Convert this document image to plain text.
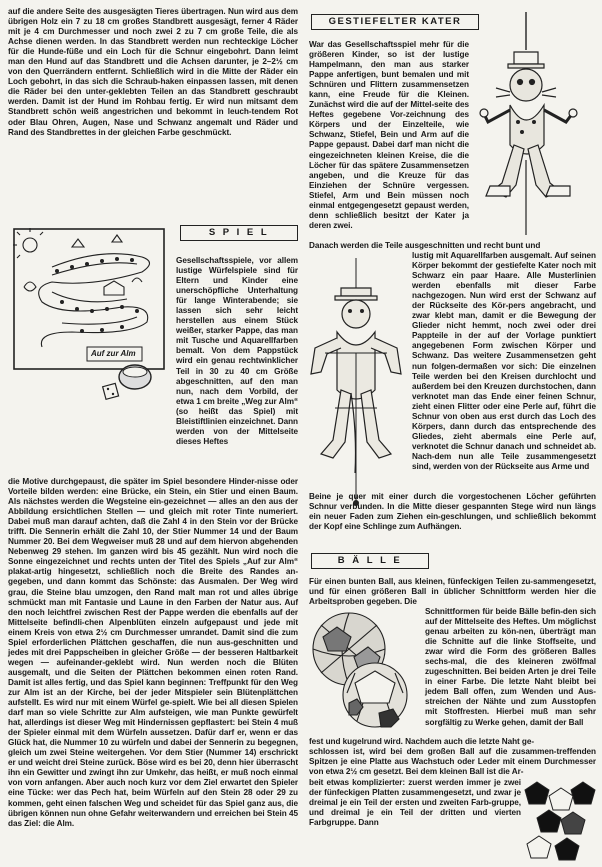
auf die andere Seite des ausgesägten Tieres übertragen. Nun wird aus dem übrigen Holz ein 7 zu 18 cm großes Standbrett ausgesägt, ferner 4 Räder mit je 4 cm Durchmesser und noch zwei 2 zu 7 cm große Teile, die als Achse dienen werden. In das Standbrett werden nun rechteckige Löcher für die Hunde-füße und ein Loch für die Schnur eingebohrt. Dann leimt man den Hund auf das Standbrett und die Achsen darunter, je 2–2½ cm von den Querrändern entfernt. Schließlich wird in die Mitte der Räder ein Loch gebohrt, in das sich die Schraub-haken einpassen lassen, mit denen die Räder bei den unter-geklebten Teilen an das Standbrett geschraubt werden. Damit ist der Hund im Rohbau fertig. Er wird nun mitsamt dem Standbrett schön weiß angestrichen und bekommt in leuch-tendem Rot oder Blau Ohren, Augen, Nase und Schwanz angemalt und Räder und Rand des Standbrettes in der gleichen Farbe geschmückt.

Auf zur Alm
S P I E L

Gesellschaftsspiele, vor allem lustige Würfelspiele sind für Eltern und Kinder eine unerschöpfliche Unterhaltung für lange Winterabende; sie lassen sich sehr leicht herstellen aus einem Stück weißer, starker Pappe, das man mit Tusche und Aquarellfarben bemalt. Von dem Pappstück wird ein genau rechtwinklicher Teil in 30 zu 40 cm Größe abgeschnitten, auf den man nun, nach dem Vorbild, der etwa 1 cm breite „Weg zur Alm“ (so heißt das Spiel) mit Bleistiftlinien einzeichnet. Dann werden von der Mittelseite dieses Heftes

die Motive durchgepaust, die später im Spiel besondere Hinder-nisse oder Vorteile bilden werden: eine Brücke, ein Stein, ein Stier und einen Baum. Als nächstes werden die Wegsteine ein-gezeichnet — alles an den aus der Abbildung ersichtlichen Stellen — und gleich mit roter Tinte numeriert. Dabei muß man darauf achten, daß die Zahl 4 in den Stein vor der Brücke trifft. Die Sennerin erhält die Zahl 10, der Stier Nummer 14 und der Baum Nummer 20. Bei dem Wegweiser muß 28 und auf dem hiervon abgehenden Nebenweg 29 stehen. Im ganzen wird bis 45 gezählt. Nun wird noch die Sonne eingezeichnet und rechts unten der Titel des Spiels „Auf zur Alm“ plakat-artig hingesetzt, schließlich noch die Breite des Randes an-gegeben, und dann kommt das Schönste: das Ausmalen. Der Weg wird grau, die Steine blau umzogen, den Rand malt man rot und alles übrige schmückt man mit Fantasie und Laune in den Farben der Natur aus. Auf den noch leichtfrei zwischen Rest der Pappe werden die ebenfalls auf der Mittelseite befindli-chen Alpenblüten einzeln aufgepaust und jede mit einem Kreis von etwa 2½ cm Durchmesser umrandet. Damit sind die zum Spiel erforderlichen Plättchen geschaffen, die nun aus-geschnitten und jedes mit drei Pappscheiben in gleicher Größe — der besseren Haltbarkeit wegen — aufeinander-geklebt wird. Nun werden noch die Blüten ausgemalt, und die Seiten der Plättchen bekommen einen roten Rand. Damit ist alles fertig, und das Spiel kann beginnen: Treffpunkt für den Weg zur Alm ist an der Kirche, bei der jeder Mitspieler sein Blütenplättchen aufstellt. Es wird nur mit einem Würfel ge-spielt. Wie bei all diesen Spielen darf man so viele Schritte zur Alm aufsteigen, wie man Punkte gewürfelt hat, allerdings ist dieser Weg mit Hindernissen gepflastert: bei Stein 4 muß der Spieler einmal mit dem Würfeln aussetzen. Dafür darf er, wenn er das Glück hat, die Nummer 10 zu würfeln und dabei der Sennerin zu begegnen, gleich um zwei Steine weitergehen. Vor dem Stier (Nummer 14) erschrickt er und weicht drei Steine zurück. Böse wird es bei 20, denn hier überrascht ihn ein Gewitter und zwingt ihn zur Umkehr, das heißt, er muß noch einmal von vorn anfangen. Aber auch noch kurz vor dem Ziel erwartet den Spieler eine Tücke: wer das Pech hat, beim Würfeln auf den Stein 28 oder 29 zu kommen, geht einen falschen Weg und scheidet für das Spiel ganz aus, die übrigen können nun ohne Gefahr weiterwandern und erreichen bei Stein 45 das Ziel: die Alm.

GESTIEFELTER KATER

War das Gesellschaftsspiel mehr für die größeren Kinder, so ist der lustige Hampelmann, den man aus starker Pappe anfertigen, bunt bemalen und mit Schnüren und Flittern zusammensetzen kann, eine Freude für die Kleinen. Zunächst wird die auf der Mittel-seite des Heftes gegebene Vor-zeichnung des Körpers und der Einzelteile, wie Schwanz, Stiefel, Bein und Arm auf die Pappe gepaust. Dabei darf man nicht die eingezeichneten kleinen Kreise, die die Löcher für das spätere Zusammensetzen angeben, und die Kreuze für das Einziehen der Schnüre vergessen. Stiefel, Arm und Bein müssen noch einmal entgegengesetzt gepaust werden, denn schließlich besitzt der Kater ja deren zwei.

Danach werden die Teile ausgeschnitten und recht bunt und

lustig mit Aquarellfarben ausgemalt. Auf seinen Körper bekommt der gestiefelte Kater noch mit Schwarz ein paar Haare. Alle Musterlinien werden ebenfalls mit dieser Farbe nachgezogen. Nun wird erst der Schwanz auf der Rückseite des Kör-pers angebracht, und zwar klebt man, damit er die Bewegung der Glieder nicht hemmt, noch zwei oder drei Pappteile in der auf der Vorlage punktiert angegebenen Form zwischen Körper und Schwanz. Das weitere Zusammensetzen geht nun folgen-dermaßen vor sich: Die einzelnen Teile werden bei den Kreisen durchlocht und außerdem bei den Kreuzen durchstochen, dann verknotet man das Ende einer feinen Schnur, zieht einen Flitter oder eine Perle auf, führt die Schnur von oben aus erst durch das Loch des Körpers, dann durch das entsprechende des Gliedes, zieht abermals eine Perle auf, verknotet die Schnur danach und schneidet ab. Nach-dem nun alle Teile zusammengesetzt sind, werden von der Rückseite aus Arme und

Beine je quer mit einer durch die vorgestochenen Löcher geführten Schnur verbunden. In die Mitte dieser gespannten Stege wird nun längs ein neuer Faden zum Ziehen ein-geschlungen, und schließlich bekommt der Kopf eine Schlinge zum Aufhängen.

B Ä L L E

Für einen bunten Ball, aus kleinen, fünfeckigen Teilen zu-sammengesetzt, und für einen größeren Ball in üblicher Schnittform werden hier die Arbeitsproben gegeben. Die

Schnittformen für beide Bälle befin-den sich auf der Mittelseite des Heftes. Um möglichst genau arbeiten zu kön-nen, überträgt man die Schnitte auf die linke Stoffseite, und zwar wird die Form des größeren Balles sechs-mal, die des kleineren zwölfmal zugeschnitten. Bei beiden Arten je drei Teile in einer Farbe. Die letzte Naht bleibt bei jedem Ball offen, zum Wenden und Aus-streichen der Nähte und zum Ausstopfen mit Stoffresten. Hierbei muß man sehr sorgfältig zu Werke gehen, damit der Ball

fest und kugelrund wird. Nachdem auch die letzte Naht ge-

schlossen ist, wird bei dem großen Ball auf die zusammen-treffenden Spitzen je eine Platte aus Wachstuch oder Leder mit einem Durchmesser von etwa 2½ cm gesetzt. Bei dem kleinen Ball ist die Ar-

beit etwas komplizierter: zuerst werden immer je zwei der fünfeckigen Platten zusammengesetzt, und zwar je dreimal je ein Teil der ersten und zweiten Farb-gruppe, und dreimal je ein Teil der dritten und vierten Farbgruppe. Dann
